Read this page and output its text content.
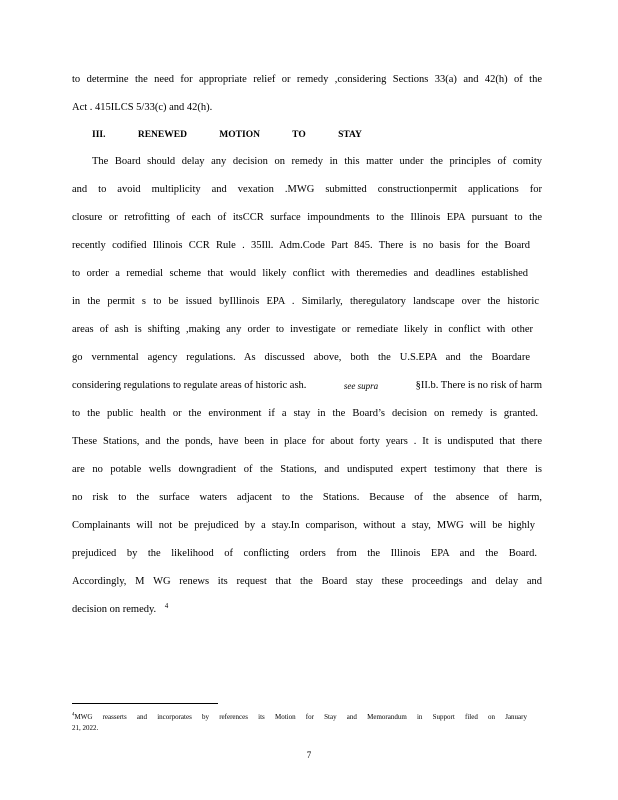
to determine the need for appropriate relief or remedy ,considering Sections 33(a) and 42(h) of the
Act . 415ILCS 5/33(c) and 42(h).
III. RENEWED MOTION TO STAY
The Board should delay any decision on remedy in this matter under the principles of comity
and to avoid multiplicity and vexation .MWG submitted constructionpermit applications for
closure or retrofitting of each of itsCCR surface impoundments to the Illinois EPA pursuant to the
recently codified Illinois CCR Rule . 35Ill. Adm.Code Part 845. There is no basis for the Board
to order a remedial scheme that would likely conflict with theremedies and deadlines established
in the permit s to be issued byIllinois EPA . Similarly, theregulatory landscape over the historic
areas of ash is shifting ,making any order to investigate or remediate likely in conflict with other
go vernmental agency regulations. As discussed above, both the U.S.EPA and the Boardare
considering regulations to regulate areas of historic ash.	see supra	§II.b. There is no risk of harm
to the public health or the environment if a stay in the Board’s decision on remedy is granted.
These Stations, and the ponds, have been in place for about forty years . It is undisputed that there
are no potable wells downgradient of the Stations, and undisputed expert testimony that there is
no risk to the surface waters adjacent to the Stations. Because of the absence of harm,
Complainants will not be prejudiced by a stay.In comparison, without a stay, MWG will be highly
prejudiced by the likelihood of conflicting orders from the Illinois EPA and the Board.
Accordingly, M WG renews its request that the Board stay these proceedings and delay and
decision on remedy. $^4$
$^4$MWG reasserts and incorporates by references its Motion for Stay and Memorandum in Support filed on January
21, 2022.
7
